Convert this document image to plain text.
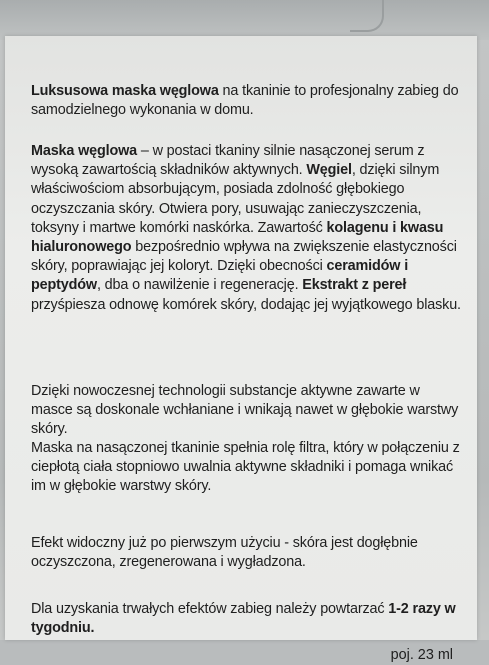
Luksusowa maska węglowa na tkaninie to profesjonalny zabieg do samodzielnego wykonania w domu.

Maska węglowa – w postaci tkaniny silnie nasączonej serum z wysoką zawartością składników aktywnych. Węgiel, dzięki silnym właściwościom absorbującym, posiada zdolność głębokiego oczyszczania skóry. Otwiera pory, usuwając zanieczyszczenia, toksyny i martwe komórki naskórka. Zawartość kolagenu i kwasu hialuronowego bezpośrednio wpływa na zwiększenie elastyczności skóry, poprawiając jej koloryt. Dzięki obecności ceramidów i peptydów, dba o nawilżenie i regenerację. Ekstrakt z pereł przyśpiesza odnowę komórek skóry, dodając jej wyjątkowego blasku.

Dzięki nowoczesnej technologii substancje aktywne zawarte w masce są doskonale wchłaniane i wnikają nawet w głębokie warstwy skóry.

Maska na nasączonej tkaninie spełnia rolę filtra, który w połączeniu z ciepłotą ciała stopniowo uwalnia aktywne składniki i pomaga wnikać im w głębokie warstwy skóry.

Efekt widoczny już po pierwszym użyciu - skóra jest dogłębnie oczyszczona, zregenerowana i wygładzona.

Dla uzyskania trwałych efektów zabieg należy powtarzać 1-2 razy w tygodniu.

poj. 23 ml
